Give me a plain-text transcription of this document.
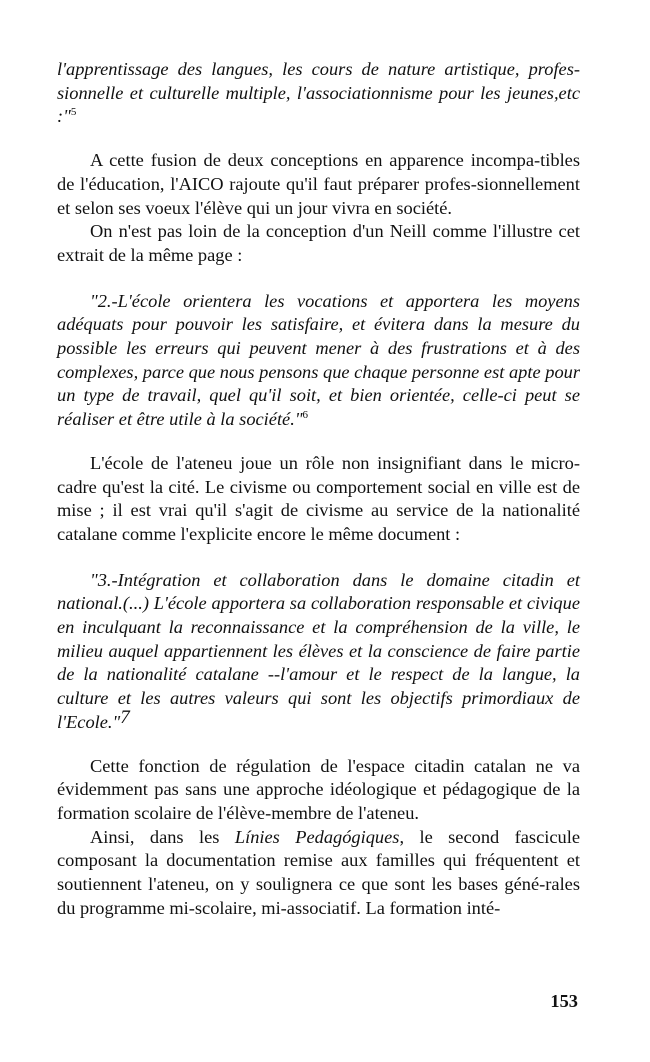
l'apprentissage des langues, les cours de nature artistique, profes-sionnelle et culturelle multiple, l'associationnisme pour les jeunes,etc :"$^5$

A cette fusion de deux conceptions en apparence incompa-tibles de l'éducation, l'AICO rajoute qu'il faut préparer profes-sionnellement et selon ses voeux l'élève qui un jour vivra en société.

On n'est pas loin de la conception d'un Neill comme l'illustre cet extrait de la même page :

"2.-L'école orientera les vocations et apportera les moyens adéquats pour pouvoir les satisfaire, et évitera dans la mesure du possible les erreurs qui peuvent mener à des frustrations et à des complexes, parce que nous pensons que chaque personne est apte pour un type de travail, quel qu'il soit, et bien orientée, celle-ci peut se réaliser et être utile à la société."$^6$

L'école de l'ateneu joue un rôle non insignifiant dans le micro-cadre qu'est la cité. Le civisme ou comportement social en ville est de mise ; il est vrai qu'il s'agit de civisme au service de la nationalité catalane comme l'explicite encore le même document :

"3.-Intégration et collaboration dans le domaine citadin et national.(...) L'école apportera sa collaboration responsable et civique en inculquant la reconnaissance et la compréhension de la ville, le milieu auquel appartiennent les élèves et la conscience de faire partie de la nationalité catalane --l'amour et le respect de la langue, la culture et les autres valeurs qui sont les objectifs primordiaux de l'Ecole."7

Cette fonction de régulation de l'espace citadin catalan ne va évidemment pas sans une approche idéologique et pédagogique de la formation scolaire de l'élève-membre de l'ateneu.

Ainsi, dans les Línies Pedagógiques, le second fascicule composant la documentation remise aux familles qui fréquentent et soutiennent l'ateneu, on y soulignera ce que sont les bases géné-rales du programme mi-scolaire, mi-associatif. La formation inté-

153
